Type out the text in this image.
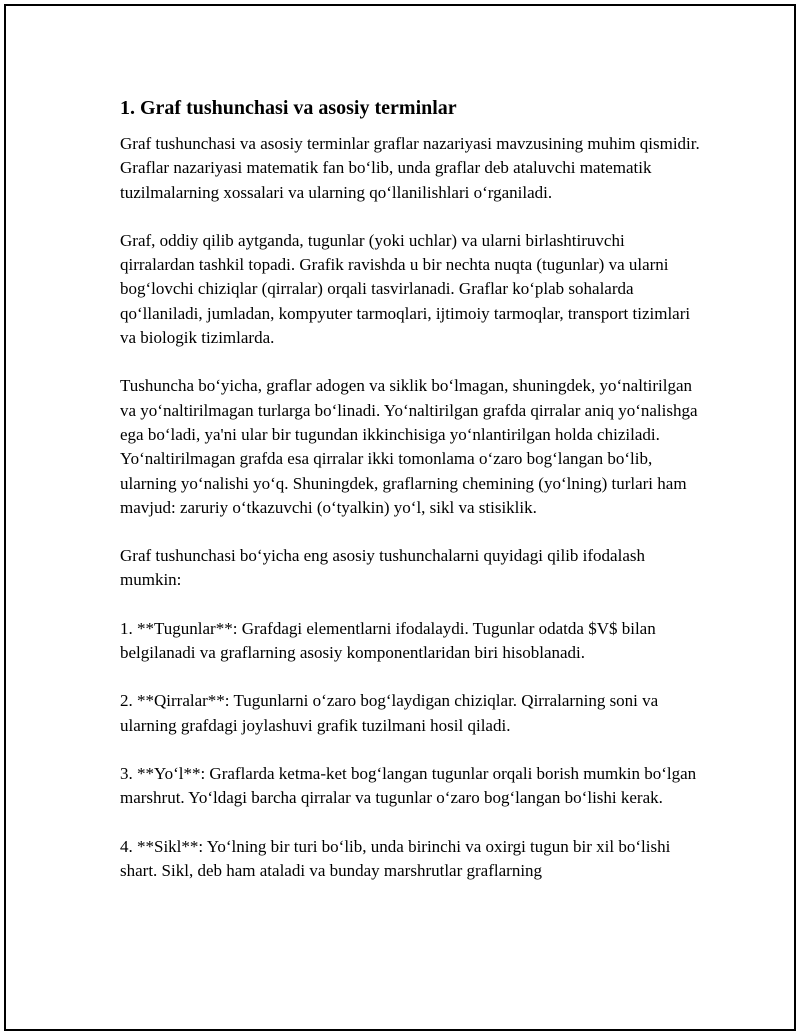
1. Graf tushunchasi va asosiy terminlar

Graf tushunchasi va asosiy terminlar graflar nazariyasi mavzusining muhim qismidir. Graflar nazariyasi matematik fan bo‘lib, unda graflar deb ataluvchi matematik tuzilmalarning xossalari va ularning qo‘llanilishlari o‘rganiladi.

Graf, oddiy qilib aytganda, tugunlar (yoki uchlar) va ularni birlashtiruvchi qirralardan tashkil topadi. Grafik ravishda u bir nechta nuqta (tugunlar) va ularni bog‘lovchi chiziqlar (qirralar) orqali tasvirlanadi. Graflar ko‘plab sohalarda qo‘llaniladi, jumladan, kompyuter tarmoqlari, ijtimoiy tarmoqlar, transport tizimlari va biologik tizimlarda.

Tushuncha bo‘yicha, graflar adogen va siklik bo‘lmagan, shuningdek, yo‘naltirilgan va yo‘naltirilmagan turlarga bo‘linadi. Yo‘naltirilgan grafda qirralar aniq yo‘nalishga ega bo‘ladi, ya'ni ular bir tugundan ikkinchisiga yo‘nlantirilgan holda chiziladi. Yo‘naltirilmagan grafda esa qirralar ikki tomonlama o‘zaro bog‘langan bo‘lib, ularning yo‘nalishi yo‘q. Shuningdek, graflarning chemining (yo‘lning) turlari ham mavjud: zaruriy o‘tkazuvchi (o‘tyalkin) yo‘l, sikl va stisiklik.

Graf tushunchasi bo‘yicha eng asosiy tushunchalarni quyidagi qilib ifodalash mumkin:

1. **Tugunlar**: Grafdagi elementlarni ifodalaydi. Tugunlar odatda $V$ bilan belgilanadi va graflarning asosiy komponentlaridan biri hisoblanadi.

2. **Qirralar**: Tugunlarni o‘zaro bog‘laydigan chiziqlar. Qirralarning soni va ularning grafdagi joylashuvi grafik tuzilmani hosil qiladi.

3. **Yo‘l**: Graflarda ketma-ket bog‘langan tugunlar orqali borish mumkin bo‘lgan marshrut. Yo‘ldagi barcha qirralar va tugunlar o‘zaro bog‘langan bo‘lishi kerak.

4. **Sikl**: Yo‘lning bir turi bo‘lib, unda birinchi va oxirgi tugun bir xil bo‘lishi shart. Sikl, deb ham ataladi va bunday marshrutlar graflarning
